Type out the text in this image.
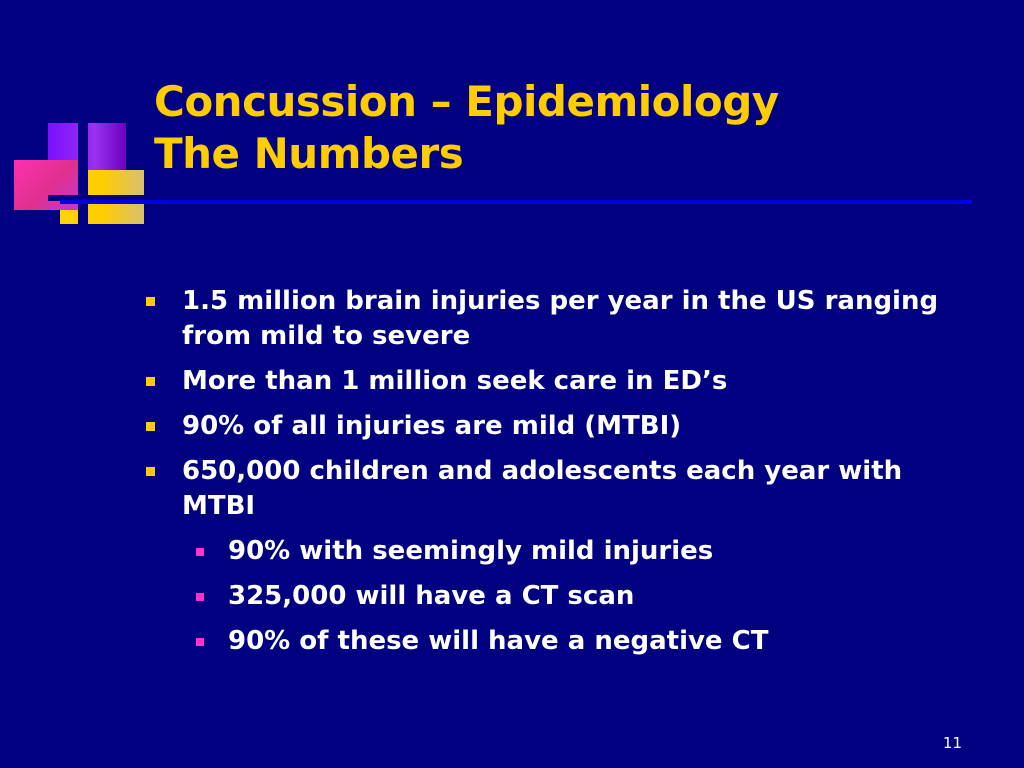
Concussion – Epidemiology
The Numbers
1.5 million brain injuries per year in the US ranging from mild to severe
More than 1 million seek care in ED’s
90% of all injuries are mild (MTBI)
650,000 children and adolescents each year with MTBI
90% with seemingly mild injuries
325,000 will have a CT scan
90% of these will have a negative CT
11
